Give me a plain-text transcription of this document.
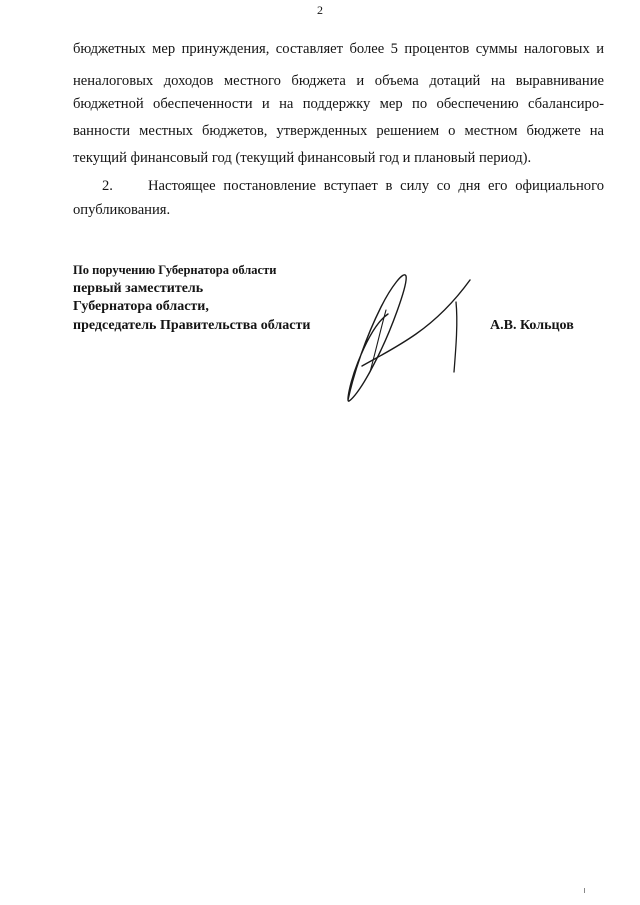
2
бюджетных мер принуждения, составляет более 5 процентов суммы налоговых и
неналоговых доходов местного бюджета и объема дотаций на выравнивание
бюджетной обеспеченности и на поддержку мер по обеспечению сбалансиро-
ванности местных бюджетов, утвержденных решением о местном бюджете на
текущий финансовый год (текущий финансовый год и плановый период).
2. Настоящее постановление вступает в силу со дня его официального
опубликования.
По поручению Губернатора области
первый заместитель
Губернатора области,
председатель Правительства области	А.В. Кольцов
